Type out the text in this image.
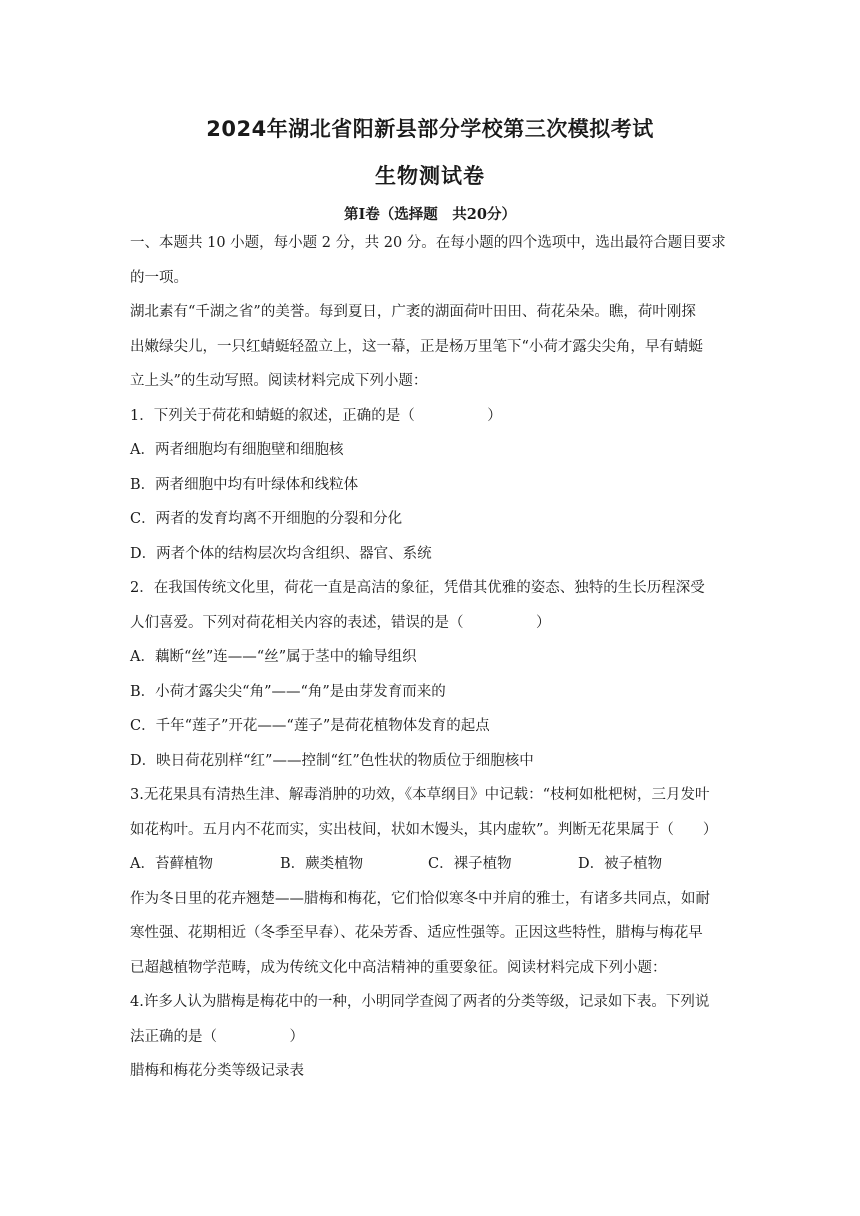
2024年湖北省阳新县部分学校第三次模拟考试
生物测试卷
第Ⅰ卷（选择题　共20分）

一、本题共 10 小题，每小题 2 分，共 20 分。在每小题的四个选项中，选出最符合题目要求

的一项。

湖北素有“千湖之省”的美誉。每到夏日，广袤的湖面荷叶田田、荷花朵朵。瞧，荷叶刚探

出嫩绿尖儿，一只红蜻蜓轻盈立上，这一幕，正是杨万里笔下“小荷才露尖尖角，早有蜻蜓

立上头”的生动写照。阅读材料完成下列小题：

1．下列关于荷花和蜻蜓的叙述，正确的是（　　　　　）

A．两者细胞均有细胞壁和细胞核

B．两者细胞中均有叶绿体和线粒体

C．两者的发育均离不开细胞的分裂和分化

D．两者个体的结构层次均含组织、器官、系统

2．在我国传统文化里，荷花一直是高洁的象征，凭借其优雅的姿态、独特的生长历程深受

人们喜爱。下列对荷花相关内容的表述，错误的是（　　　　　）

A．藕断“丝”连——“丝”属于茎中的输导组织

B．小荷才露尖尖“角”——“角”是由芽发育而来的

C．千年“莲子”开花——“莲子”是荷花植物体发育的起点

D．映日荷花别样“红”——控制“红”色性状的物质位于细胞核中

3.无花果具有清热生津、解毒消肿的功效，《本草纲目》中记载：“枝柯如枇杷树，三月发叶

如花构叶。五月内不花而实，实出枝间，状如木馒头，其内虚软”。判断无花果属于（　　）

A．苔藓植物	B．蕨类植物	C．裸子植物	D．被子植物

作为冬日里的花卉翘楚——腊梅和梅花，它们恰似寒冬中并肩的雅士，有诸多共同点，如耐

寒性强、花期相近（冬季至早春）、花朵芳香、适应性强等。正因这些特性，腊梅与梅花早

已超越植物学范畴，成为传统文化中高洁精神的重要象征。阅读材料完成下列小题：

4.许多人认为腊梅是梅花中的一种，小明同学查阅了两者的分类等级，记录如下表。下列说

法正确的是（　　　　　）

腊梅和梅花分类等级记录表
